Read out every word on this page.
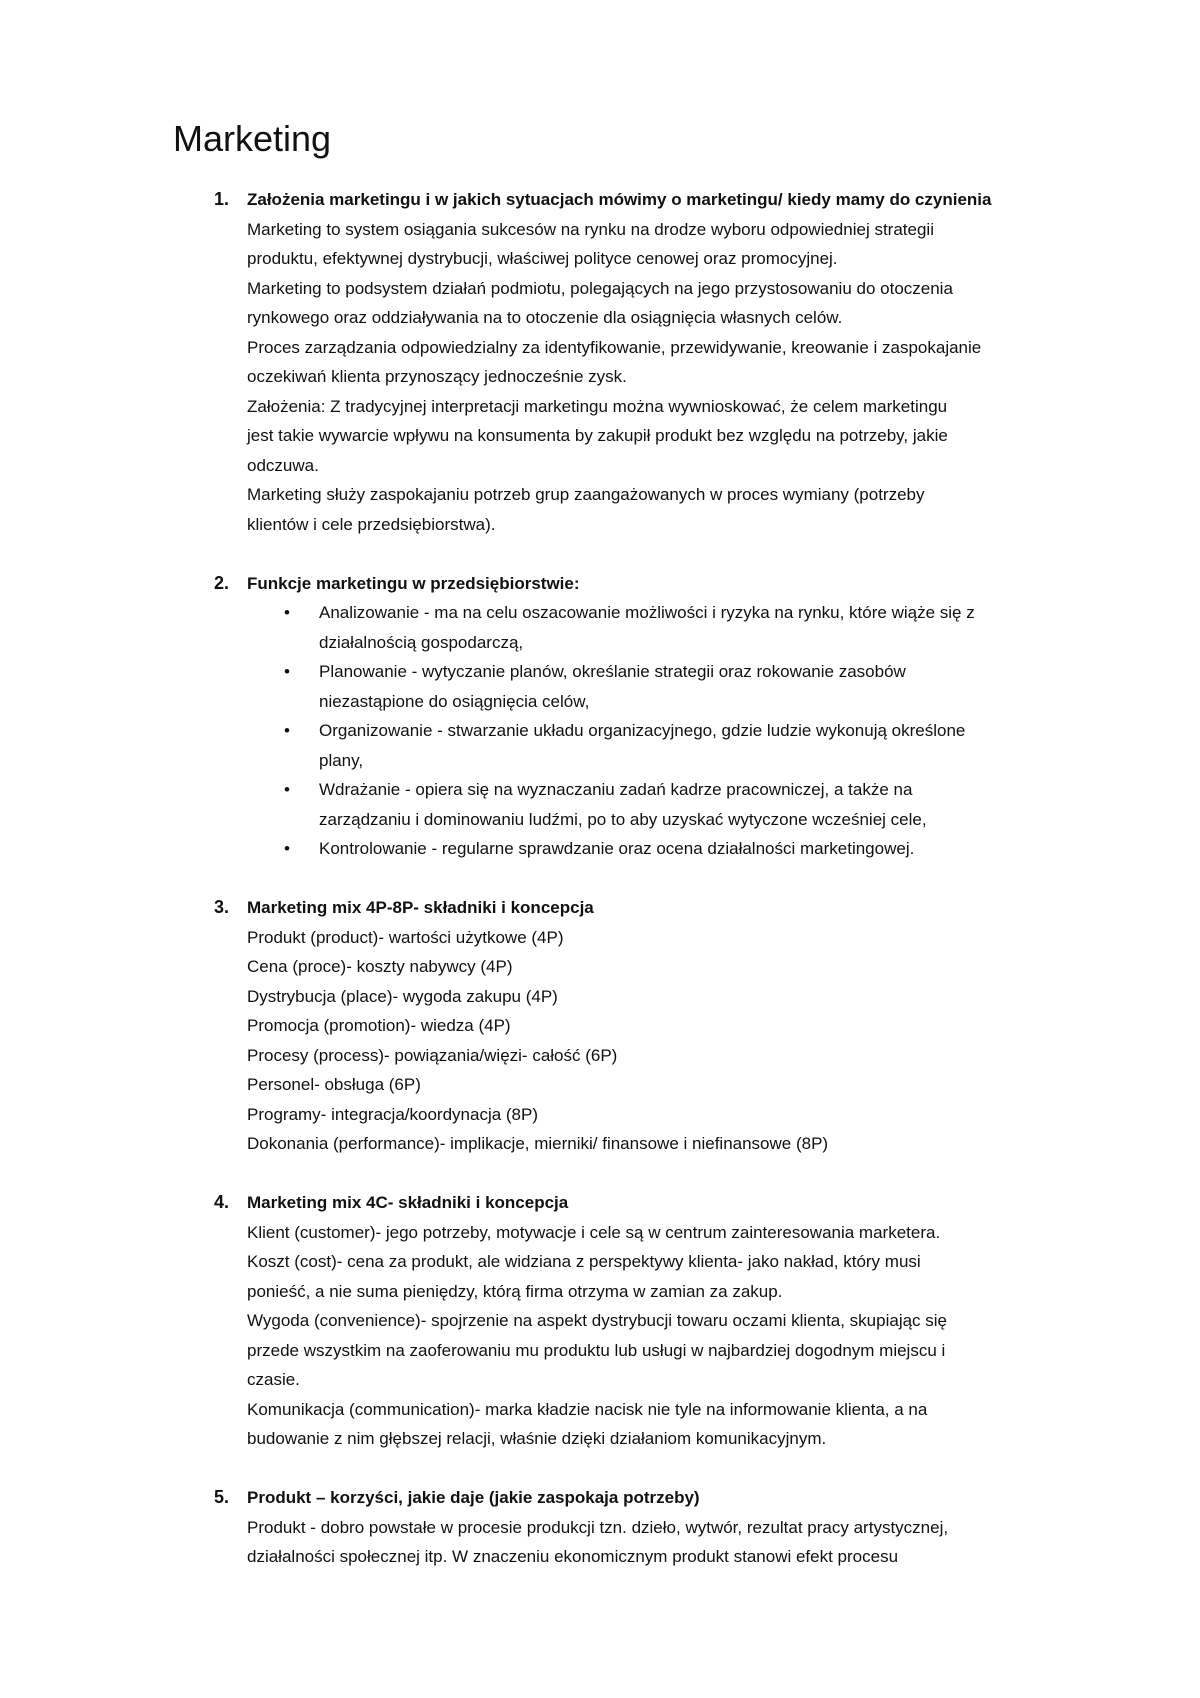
Marketing
1. Założenia marketingu i w jakich sytuacjach mówimy o marketingu/ kiedy mamy do czynienia
Marketing to system osiągania sukcesów na rynku na drodze wyboru odpowiedniej strategii
produktu, efektywnej dystrybucji, właściwej polityce cenowej oraz promocyjnej.
Marketing to podsystem działań podmiotu, polegających na jego przystosowaniu do otoczenia
rynkowego oraz oddziaływania na to otoczenie dla osiągnięcia własnych celów.
Proces zarządzania odpowiedzialny za identyfikowanie, przewidywanie, kreowanie i zaspokajanie
oczekiwań klienta przynoszący jednocześnie zysk.
Założenia: Z tradycyjnej interpretacji marketingu można wywnioskować, że celem marketingu
jest takie wywarcie wpływu na konsumenta by zakupił produkt bez względu na potrzeby, jakie
odczuwa.
Marketing służy zaspokajaniu potrzeb grup zaangażowanych w proces wymiany (potrzeby
klientów i cele przedsiębiorstwa).
2. Funkcje marketingu w przedsiębiorstwie:
• Analizowanie - ma na celu oszacowanie możliwości i ryzyka na rynku, które wiąże się z
działalnością gospodarczą,
• Planowanie - wytyczanie planów, określanie strategii oraz rokowanie zasobów
niezastąpione do osiągnięcia celów,
• Organizowanie - stwarzanie układu organizacyjnego, gdzie ludzie wykonują określone
plany,
• Wdrażanie - opiera się na wyznaczaniu zadań kadrze pracowniczej, a także na
zarządzaniu i dominowaniu ludźmi, po to aby uzyskać wytyczone wcześniej cele,
• Kontrolowanie - regularne sprawdzanie oraz ocena działalności marketingowej.
3. Marketing mix 4P-8P- składniki i koncepcja
Produkt (product)- wartości użytkowe (4P)
Cena (proce)- koszty nabywcy (4P)
Dystrybucja (place)- wygoda zakupu (4P)
Promocja (promotion)- wiedza (4P)
Procesy (process)- powiązania/więzi- całość (6P)
Personel- obsługa (6P)
Programy- integracja/koordynacja (8P)
Dokonania (performance)- implikacje, mierniki/ finansowe i niefinansowe (8P)
4. Marketing mix 4C- składniki i koncepcja
Klient (customer)- jego potrzeby, motywacje i cele są w centrum zainteresowania marketera.
Koszt (cost)- cena za produkt, ale widziana z perspektywy klienta- jako nakład, który musi
ponieść, a nie suma pieniędzy, którą firma otrzyma w zamian za zakup.
Wygoda (convenience)- spojrzenie na aspekt dystrybucji towaru oczami klienta, skupiając się
przede wszystkim na zaoferowaniu mu produktu lub usługi w najbardziej dogodnym miejscu i
czasie.
Komunikacja (communication)- marka kładzie nacisk nie tyle na informowanie klienta, a na
budowanie z nim głębszej relacji, właśnie dzięki działaniom komunikacyjnym.
5. Produkt – korzyści, jakie daje (jakie zaspokaja potrzeby)
Produkt - dobro powstałe w procesie produkcji tzn. dzieło, wytwór, rezultat pracy artystycznej,
działalności społecznej itp. W znaczeniu ekonomicznym produkt stanowi efekt procesu
